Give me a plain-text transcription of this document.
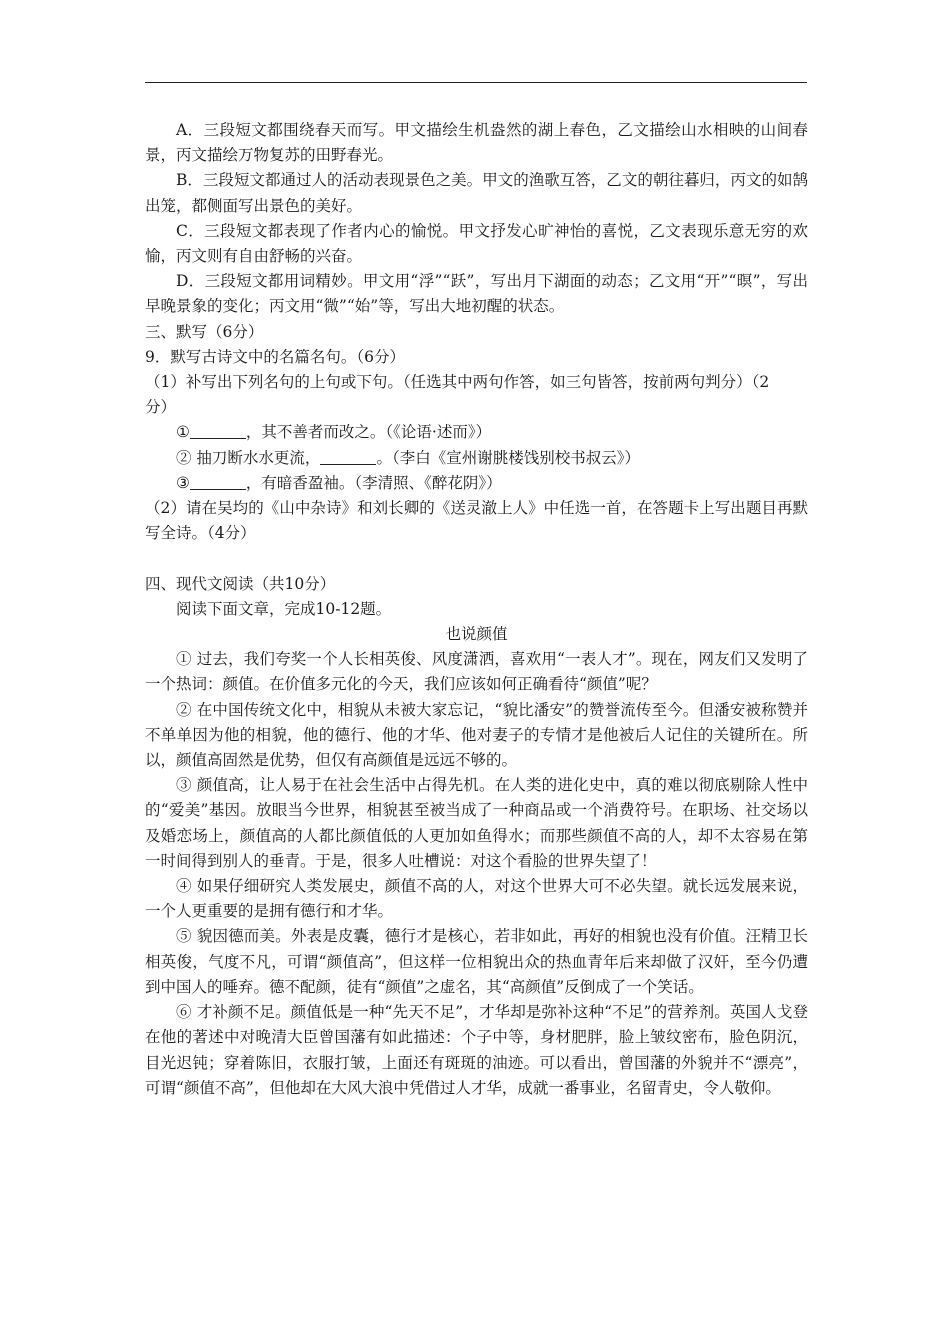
A．三段短文都围绕春天而写。甲文描绘生机盎然的湖上春色，乙文描绘山水相映的山间春景，丙文描绘万物复苏的田野春光。

B．三段短文都通过人的活动表现景色之美。甲文的渔歌互答，乙文的朝往暮归，丙文的如鹄出笼，都侧面写出景色的美好。

C．三段短文都表现了作者内心的愉悦。甲文抒发心旷神怡的喜悦，乙文表现乐意无穷的欢愉，丙文则有自由舒畅的兴奋。

D．三段短文都用词精妙。甲文用“浮”“跃”，写出月下湖面的动态；乙文用“开”“暝”，写出早晚景象的变化；丙文用“微”“始”等，写出大地初醒的状态。

三、默写（6分）

9．默写古诗文中的名篇名句。（6分）

（1）补写出下列名句的上句或下句。（任选其中两句作答，如三句皆答，按前两句判分）（2

分）

①	，其不善者而改之。（《论语·述而》）

② 抽刀断水水更流，	。（李白《宣州谢朓楼饯别校书叔云》）

③	，有暗香盈袖。（李清照、《醉花阴》）

（2）请在吴均的《山中杂诗》和刘长卿的《送灵澈上人》中任选一首，在答题卡上写出题目再默写全诗。（4分）

四、现代文阅读（共10分）

阅读下面文章，完成10-12题。

也说颜值

① 过去，我们夸奖一个人长相英俊、风度潇洒，喜欢用“一表人才”。现在，网友们又发明了一个热词：颜值。在价值多元化的今天，我们应该如何正确看待“颜值”呢？

② 在中国传统文化中，相貌从未被大家忘记，“貌比潘安”的赞誉流传至今。但潘安被称赞并不单单因为他的相貌，他的德行、他的才华、他对妻子的专情才是他被后人记住的关键所在。所以，颜值高固然是优势，但仅有高颜值是远远不够的。

③ 颜值高，让人易于在社会生活中占得先机。在人类的进化史中，真的难以彻底剔除人性中的“爱美”基因。放眼当今世界，相貌甚至被当成了一种商品或一个消费符号。在职场、社交场以及婚恋场上，颜值高的人都比颜值低的人更加如鱼得水；而那些颜值不高的人，却不太容易在第一时间得到别人的垂青。于是，很多人吐槽说：对这个看脸的世界失望了！

④ 如果仔细研究人类发展史，颜值不高的人，对这个世界大可不必失望。就长远发展来说，一个人更重要的是拥有德行和才华。

⑤ 貌因德而美。外表是皮囊，德行才是核心，若非如此，再好的相貌也没有价值。汪精卫长相英俊，气度不凡，可谓“颜值高”，但这样一位相貌出众的热血青年后来却做了汉奸，至今仍遭到中国人的唾弃。德不配颜，徒有“颜值”之虚名，其“高颜值”反倒成了一个笑话。

⑥ 才补颜不足。颜值低是一种“先天不足”，才华却是弥补这种“不足”的营养剂。英国人戈登在他的著述中对晚清大臣曾国藩有如此描述：个子中等，身材肥胖，脸上皱纹密布，脸色阴沉，目光迟钝；穿着陈旧，衣服打皱，上面还有斑斑的油迹。可以看出，曾国藩的外貌并不“漂亮”，可谓“颜值不高”，但他却在大风大浪中凭借过人才华，成就一番事业，名留青史，令人敬仰。
